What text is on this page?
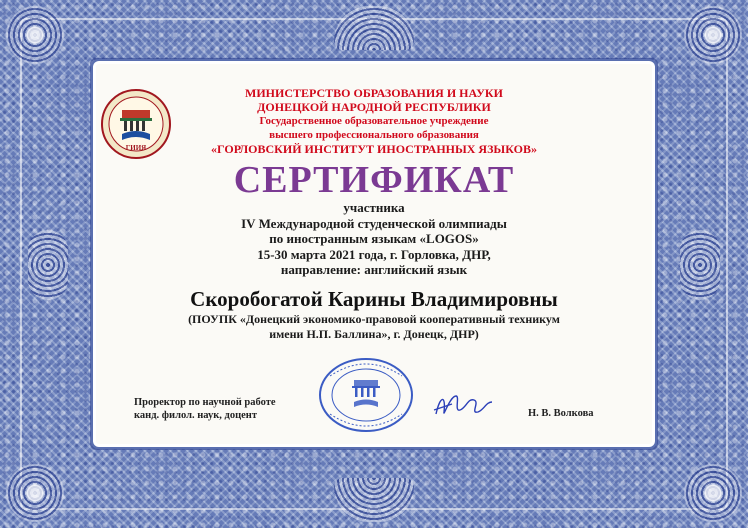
ГИИЯ
МИНИСТЕРСТВО ОБРАЗОВАНИЯ И НАУКИ
ДОНЕЦКОЙ НАРОДНОЙ РЕСПУБЛИКИ
Государственное образовательное учреждение
высшего профессионального образования
«ГОРЛОВСКИЙ ИНСТИТУТ ИНОСТРАННЫХ ЯЗЫКОВ»
СЕРТИФИКАТ
участника
IV Международной студенческой олимпиады
по иностранным языкам «LOGOS»
15-30 марта 2021 года, г. Горловка, ДНР,
направление: английский язык
Скоробогатой Карины Владимировны
(ПОУПК «Донецкий экономико-правовой кооперативный техникум
имени Н.П. Баллина», г. Донецк, ДНР)
Проректор по научной работе
канд. филол. наук, доцент	Н. В. Волкова
